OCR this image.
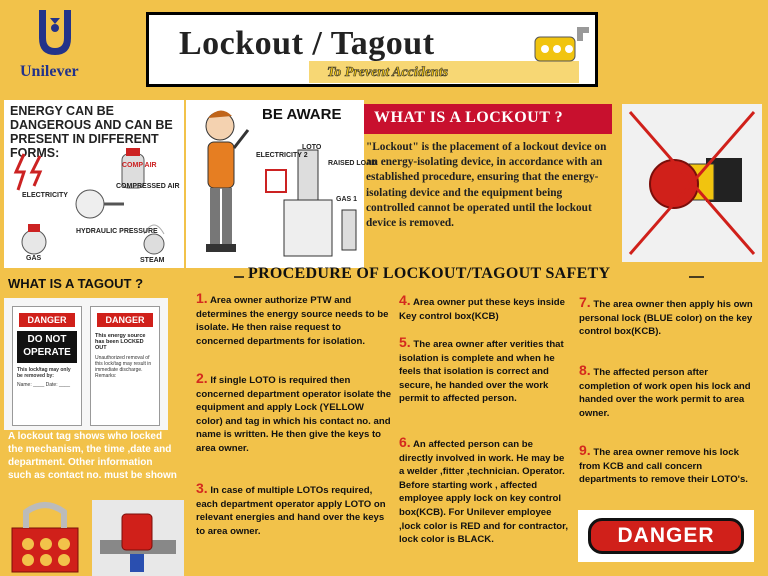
Unilever
Lockout / Tagout
To Prevent Accidents
ENERGY CAN BE DANGEROUS AND CAN BE PRESENT IN DIFFERENT FORMS:
ELECTRICITY
COMP AIR
COMPRESSED AIR
HYDRAULIC PRESSURE
GAS	STEAM
BE AWARE
ELECTRICITY 2
LOTO
RAISED LOAD
GAS 1
WHAT IS A LOCKOUT ?
"Lockout" is the placement of a lockout device on an energy-isolating device, in accordance with an established procedure, ensuring that the energy-isolating device and the equipment being controlled cannot be operated until the lockout device is removed.
PROCEDURE OF LOCKOUT/TAGOUT SAFETY
WHAT IS A TAGOUT ?
DANGER
DO NOT OPERATE
This lock/tag may only be removed by:
Name: ____ Date: ____
DANGER
This energy source has been LOCKED OUT
Unauthorized removal of this lock/tag may result in immediate discharge. Remarks:
A lockout tag shows who locked the mechanism, the time ,date and department. Other information such as contact no. must be shown
1. Area owner authorize PTW and determines the energy source needs to be isolate. He then raise request to concerned departments for isolation.
2. If single LOTO is required then concerned department operator isolate the equipment and apply Lock (YELLOW color) and tag in which his contact no. and name is written. He then give the keys to area owner.
3. In case of multiple LOTOs required, each department operator apply LOTO on relevant energies and hand over the keys to area owner.
4. Area owner put these keys inside Key control box(KCB)
5. The area owner after verities that isolation is complete and when he feels that isolation is correct and secure, he handed over the work permit to affected person.
6. An affected person can be directly involved in work. He may be a welder ,fitter ,technician. Operator. Before starting work , affected employee apply lock on key control box(KCB). For Unilever employee ,lock color is RED and for contractor, lock color is BLACK.
7. The area owner then apply his own personal lock (BLUE color) on the key control box(KCB).
8. The affected person after completion of work open his lock and handed over the work permit to area owner.
9. The area owner remove his lock from KCB and call concern departments to remove their LOTO's.
DANGER
